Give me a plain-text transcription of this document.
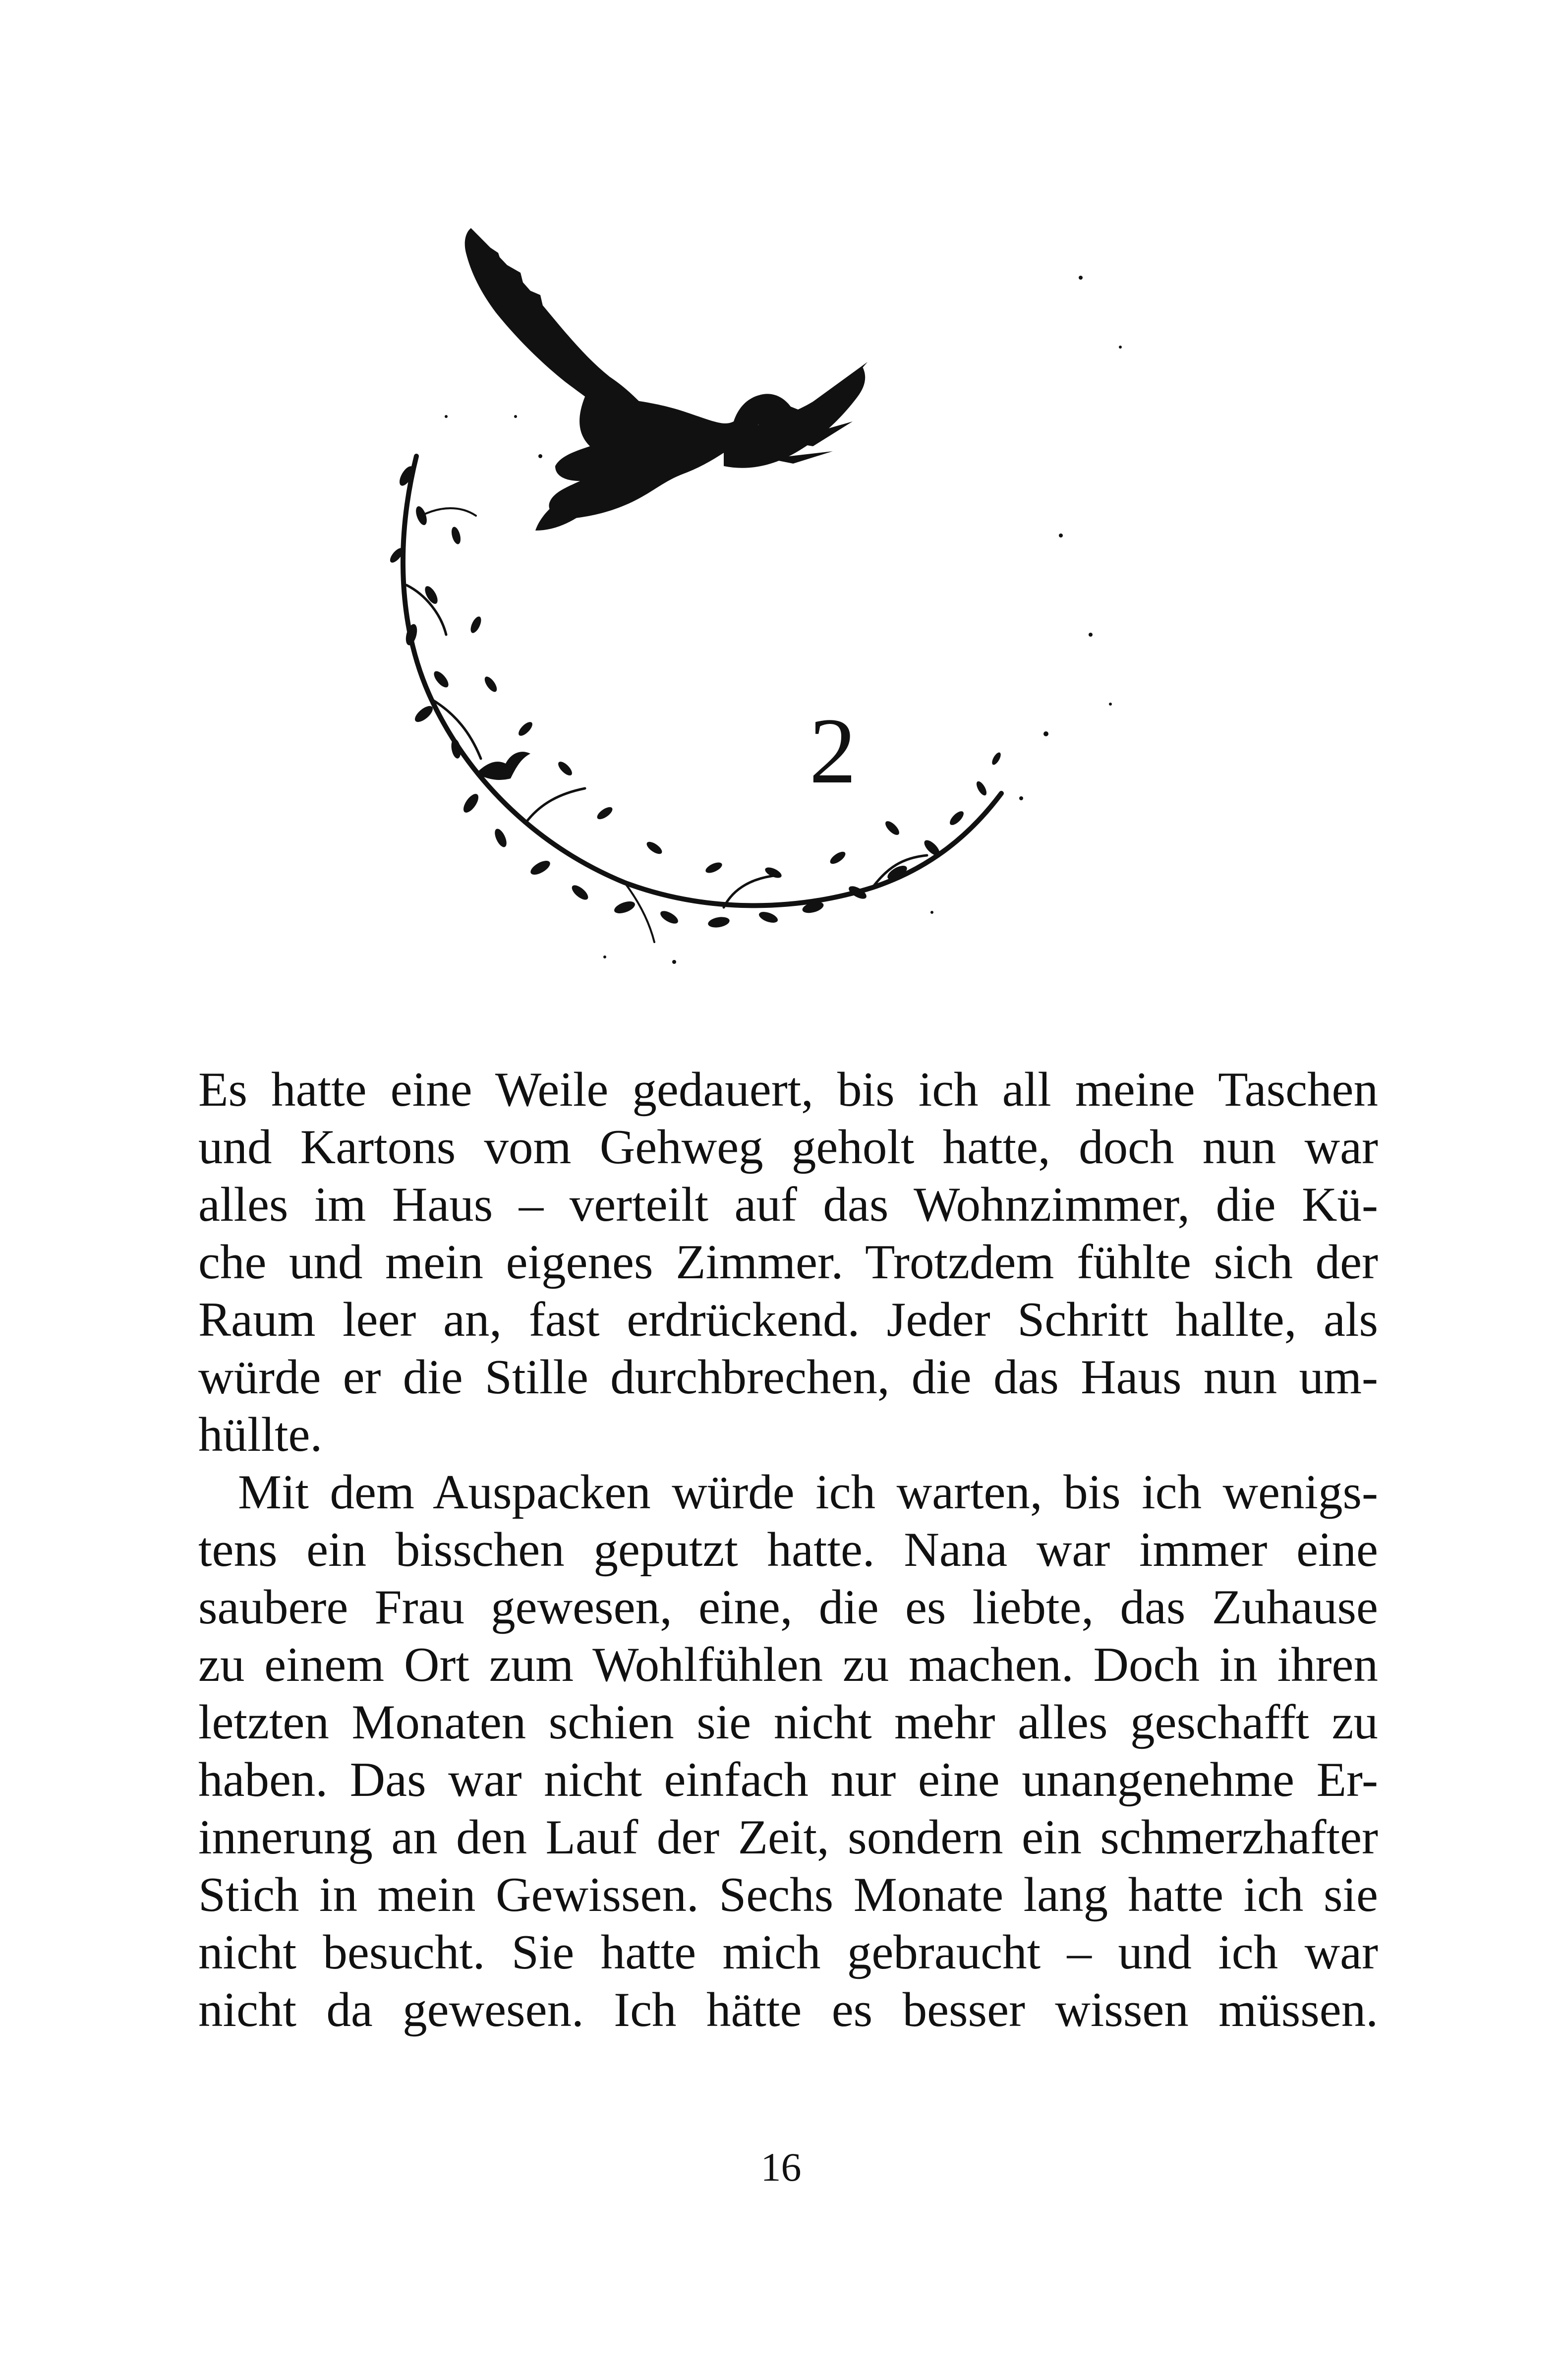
2
Es hatte eine Weile gedauert, bis ich all meine Taschen
und Kartons vom Gehweg geholt hatte, doch nun war
alles im Haus – verteilt auf das Wohnzimmer, die Kü-
che und mein eigenes Zimmer. Trotzdem fühlte sich der
Raum leer an, fast erdrückend. Jeder Schritt hallte, als
würde er die Stille durchbrechen, die das Haus nun um-
hüllte.
Mit dem Auspacken würde ich warten, bis ich wenigs-
tens ein bisschen geputzt hatte. Nana war immer eine
saubere Frau gewesen, eine, die es liebte, das Zuhause
zu einem Ort zum Wohlfühlen zu machen. Doch in ihren
letzten Monaten schien sie nicht mehr alles geschafft zu
haben. Das war nicht einfach nur eine unangenehme Er-
innerung an den Lauf der Zeit, sondern ein schmerzhafter
Stich in mein Gewissen. Sechs Monate lang hatte ich sie
nicht besucht. Sie hatte mich gebraucht – und ich war
nicht da gewesen. Ich hätte es besser wissen müssen.
16
